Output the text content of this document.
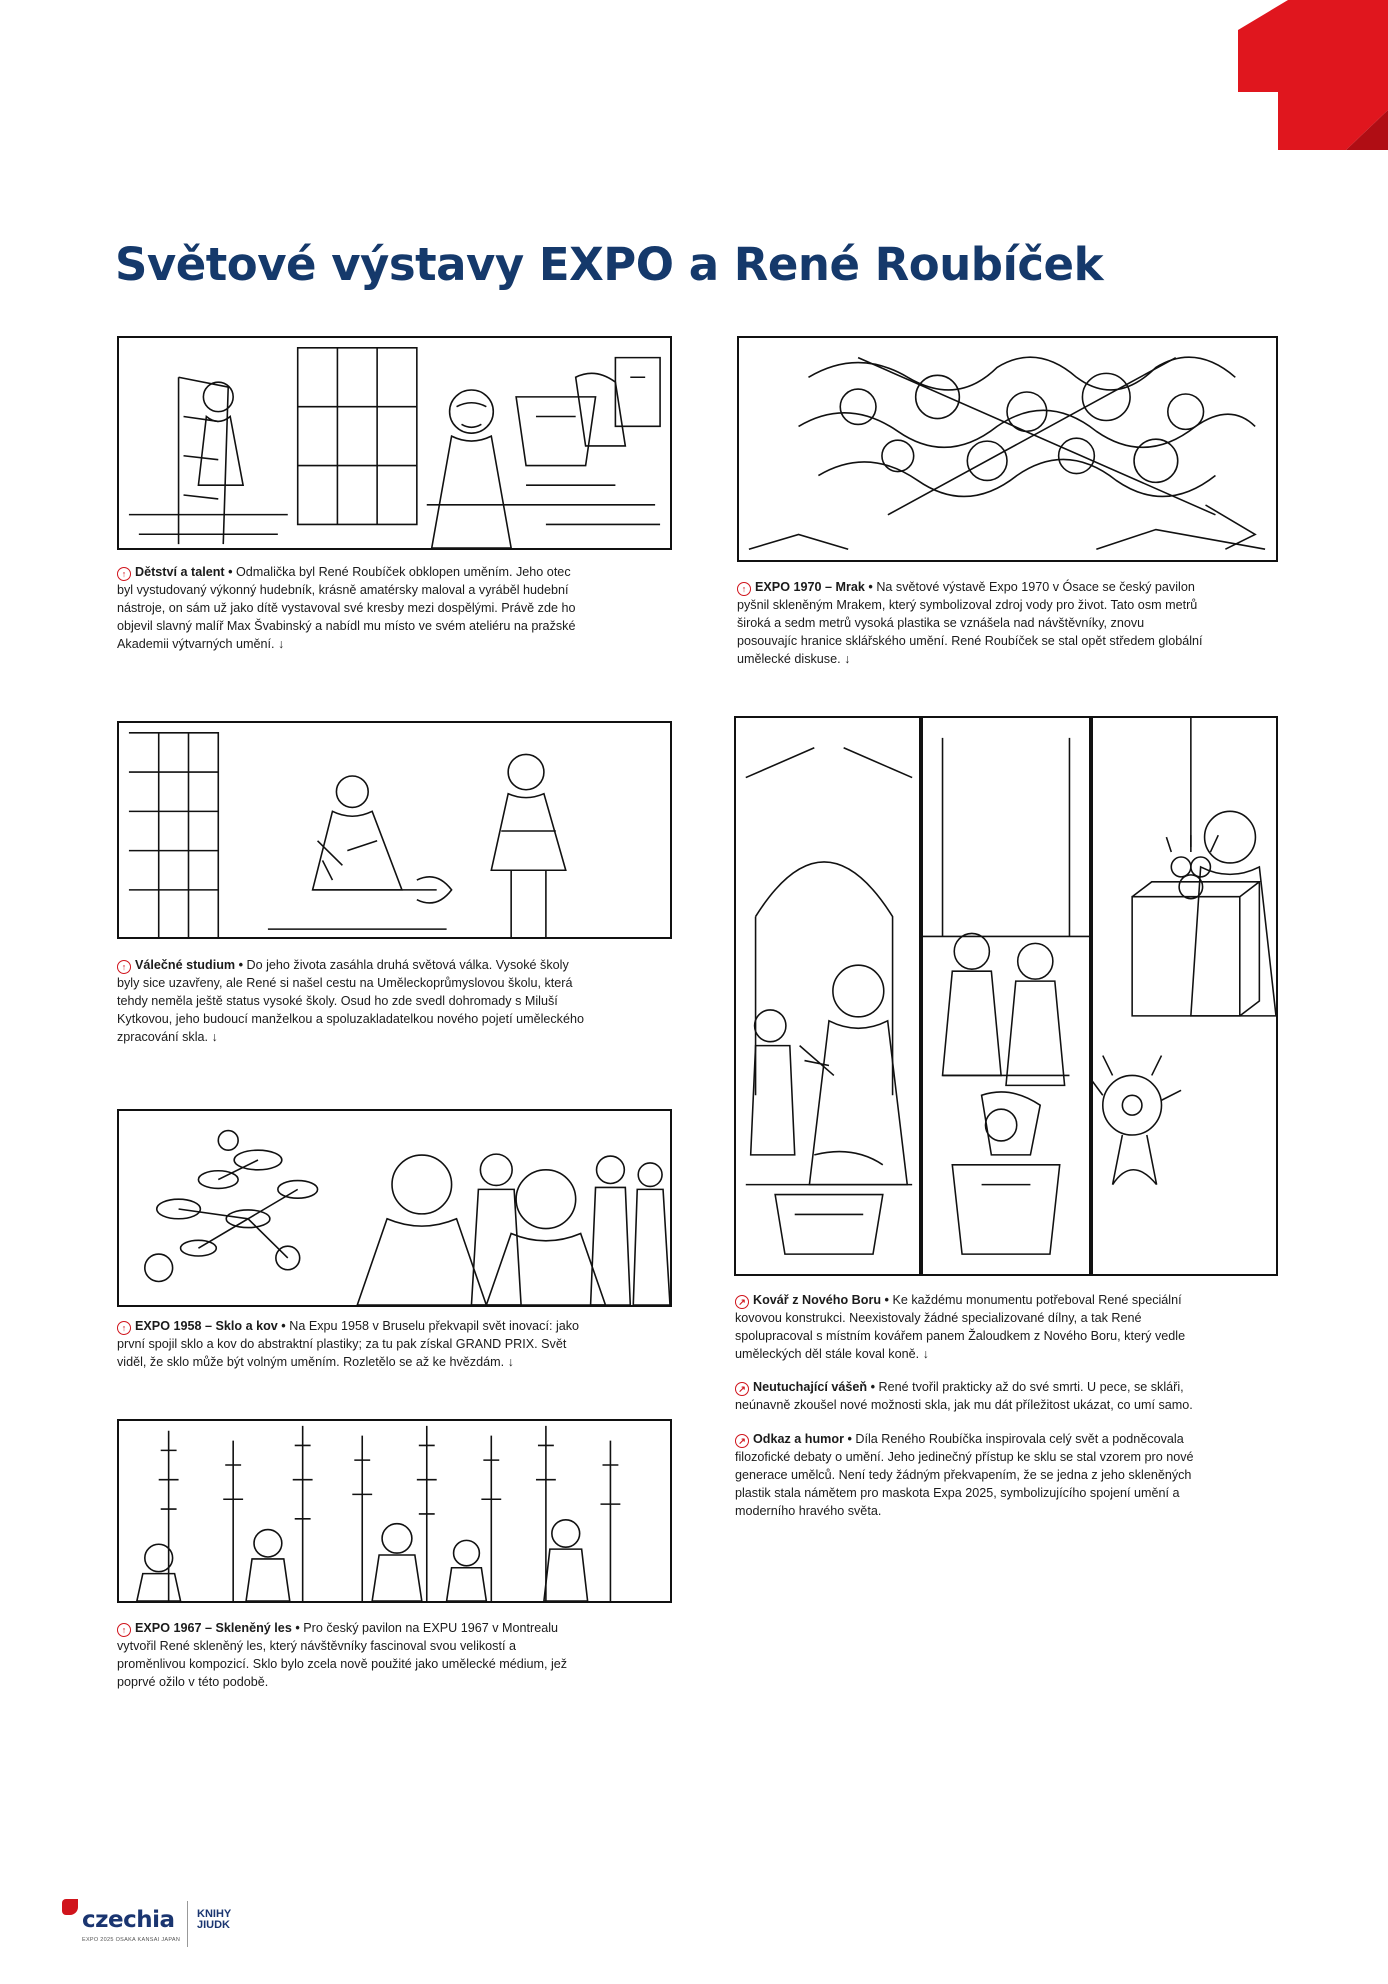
Světové výstavy EXPO a René Roubíček

↑ Dětství a talent • Odmalička byl René Roubíček obklopen uměním. Jeho otec byl vystudovaný výkonný hudebník, krásně amatérsky maloval a vyráběl hudební nástroje, on sám už jako dítě vystavoval své kresby mezi dospělými. Právě zde ho objevil slavný malíř Max Švabinský a nabídl mu místo ve svém ateliéru na pražské Akademii výtvarných umění. ↓

↑ EXPO 1970 – Mrak • Na světové výstavě Expo 1970 v Ósace se český pavilon pyšnil skleněným Mrakem, který symbolizoval zdroj vody pro život. Tato osm metrů široká a sedm metrů vysoká plastika se vznášela nad návštěvníky, znovu posouvajíc hranice sklářského umění. René Roubíček se stal opět středem globální umělecké diskuse. ↓

↑ Válečné studium • Do jeho života zasáhla druhá světová válka. Vysoké školy byly sice uzavřeny, ale René si našel cestu na Uměleckoprůmyslovou školu, která tehdy neměla ještě status vysoké školy. Osud ho zde svedl dohromady s Miluší Kytkovou, jeho budoucí manželkou a spoluzakladatelkou nového pojetí uměleckého zpracování skla. ↓

↗ Kovář z Nového Boru • Ke každému monumentu potřeboval René speciální kovovou konstrukci. Neexistovaly žádné specializované dílny, a tak René spolupracoval s místním kovářem panem Žaloudkem z Nového Boru, který vedle uměleckých děl stále koval koně. ↓

↗ Neutuchající vášeň • René tvořil prakticky až do své smrti. U pece, se skláři, neúnavně zkoušel nové možnosti skla, jak mu dát příležitost ukázat, co umí samo.

↗ Odkaz a humor • Díla Reného Roubíčka inspirovala celý svět a podněcovala filozofické debaty o umění. Jeho jedinečný přístup ke sklu se stal vzorem pro nové generace umělců. Není tedy žádným překvapením, že se jedna z jeho skleněných plastik stala námětem pro maskota Expa 2025, symbolizujícího spojení umění a moderního hravého světa.

↑ EXPO 1958 – Sklo a kov • Na Expu 1958 v Bruselu překvapil svět inovací: jako první spojil sklo a kov do abstraktní plastiky; za tu pak získal GRAND PRIX. Svět viděl, že sklo může být volným uměním. Rozletělo se až ke hvězdám. ↓

↑ EXPO 1967 – Skleněný les • Pro český pavilon na EXPU 1967 v Montrealu vytvořil René skleněný les, který návštěvníky fascinoval svou velikostí a proměnlivou kompozicí. Sklo bylo zcela nově použité jako umělecké médium, jež poprvé ožilo v této podobě.

czechia
EXPO 2025 OSAKA KANSAI JAPAN
KNIHY
JIUDK
